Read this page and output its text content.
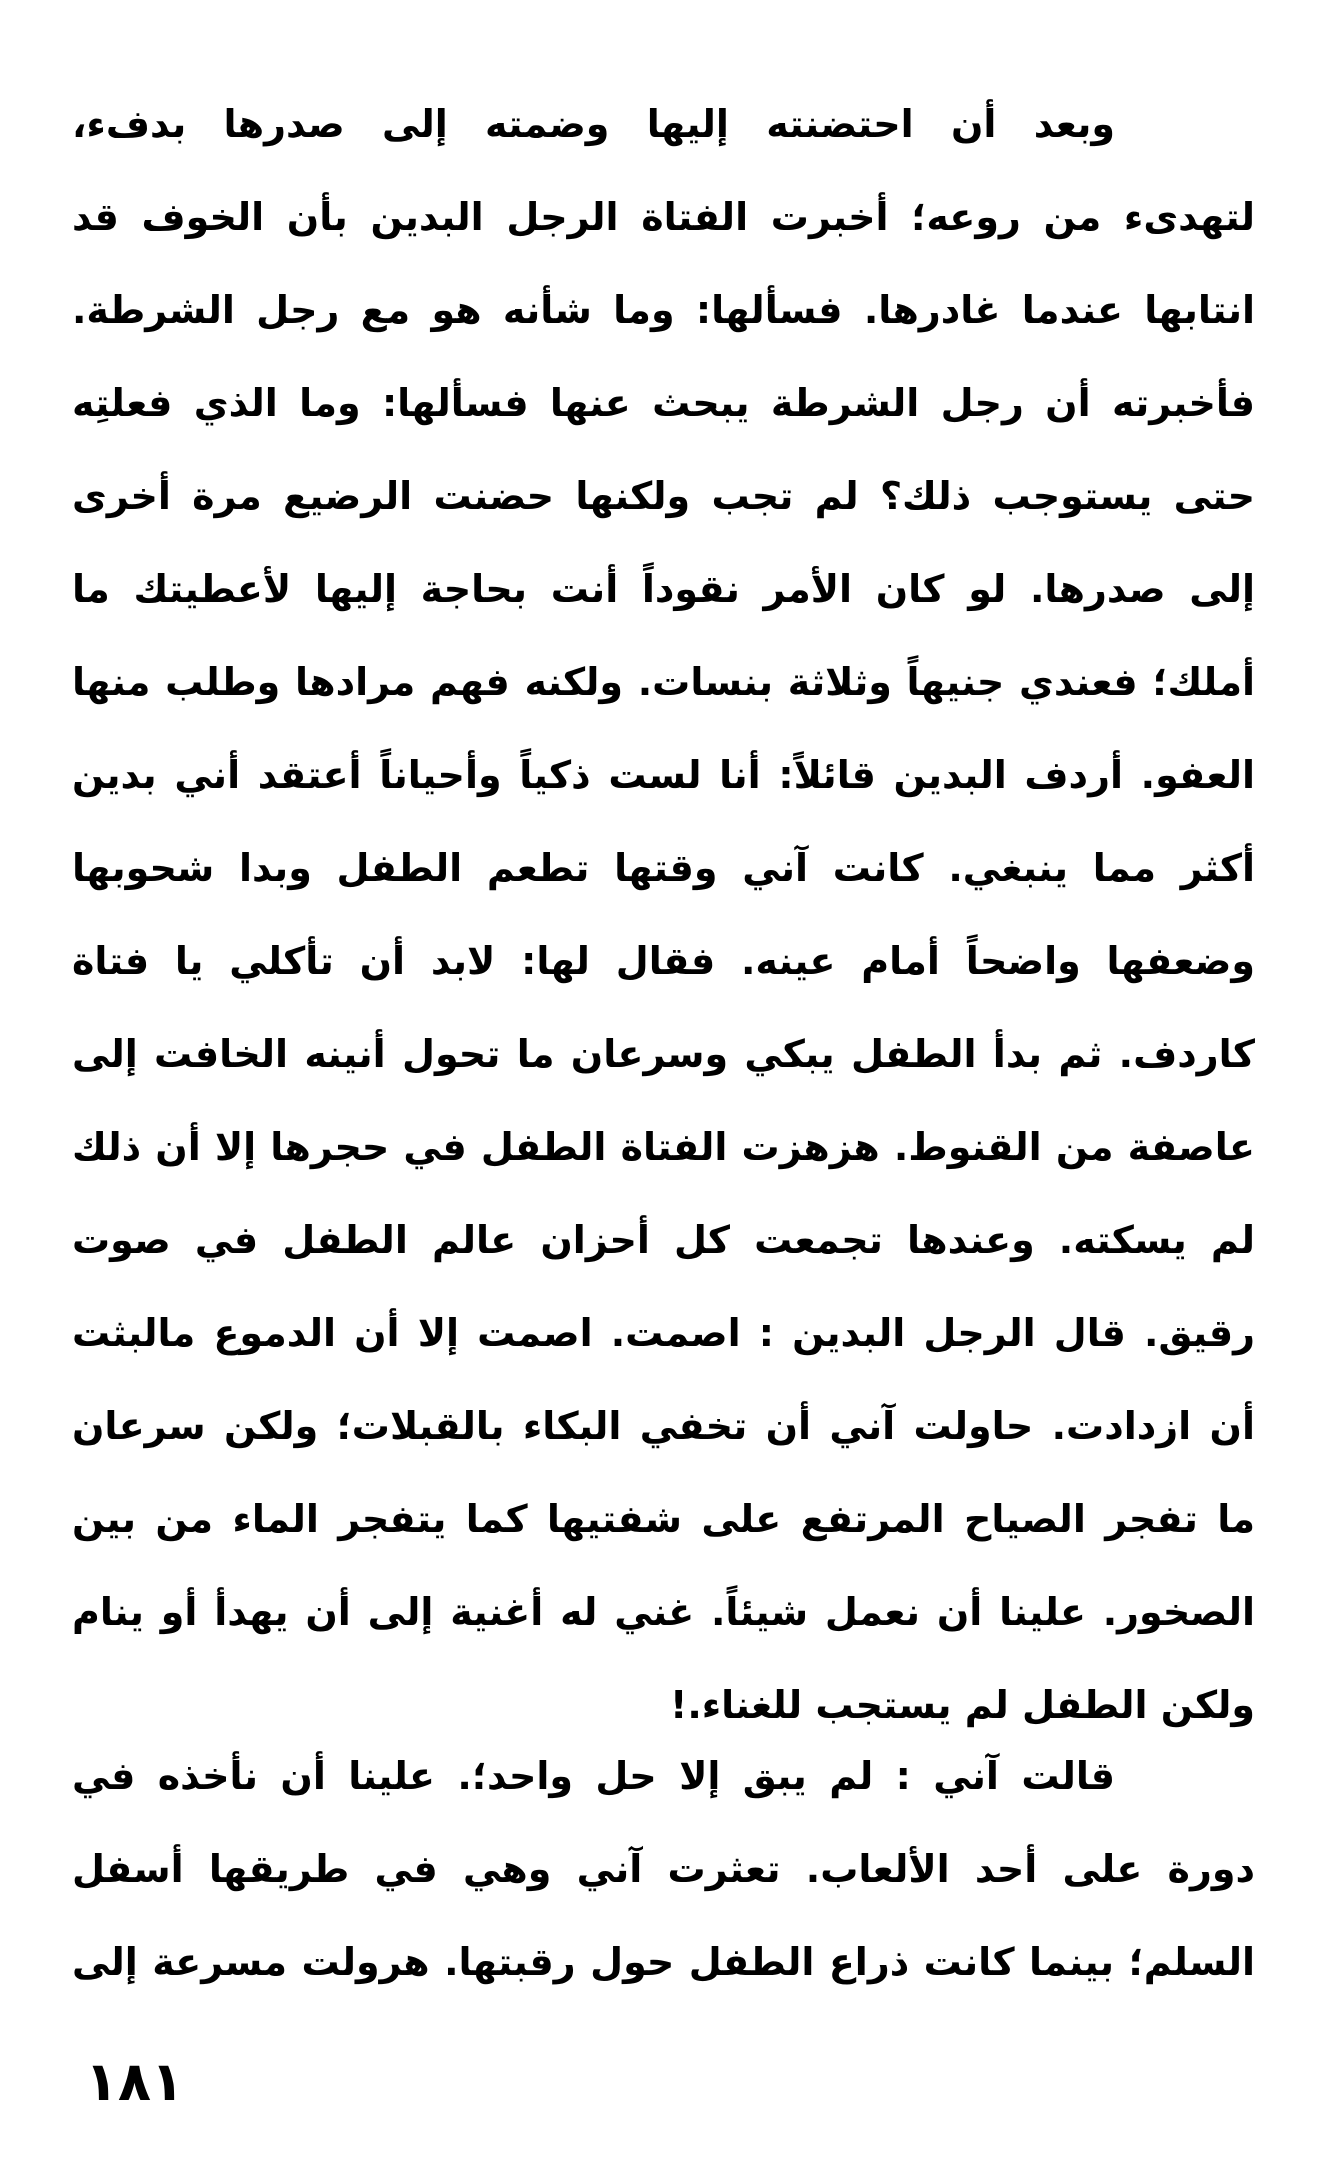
وبعد أن احتضنته إليها وضمته إلى صدرها بدفء،
لتهدىء من روعه؛ أخبرت الفتاة الرجل البدين بأن الخوف قد
انتابها عندما غادرها. فسألها: وما شأنه هو مع رجل الشرطة.
فأخبرته أن رجل الشرطة يبحث عنها فسألها: وما الذي فعلتِه
حتى يستوجب ذلك؟ لم تجب ولكنها حضنت الرضيع مرة أخرى
إلى صدرها. لو كان الأمر نقوداً أنت بحاجة إليها لأعطيتك ما
أملك؛ فعندي جنيهاً وثلاثة بنسات. ولكنه فهم مرادها وطلب منها
العفو. أردف البدين قائلاً: أنا لست ذكياً وأحياناً أعتقد أني بدين
أكثر مما ينبغي. كانت آني وقتها تطعم الطفل وبدا شحوبها
وضعفها واضحاً أمام عينه. فقال لها: لابد أن تأكلي يا فتاة
كاردف. ثم بدأ الطفل يبكي وسرعان ما تحول أنينه الخافت إلى
عاصفة من القنوط. هزهزت الفتاة الطفل في حجرها إلا أن ذلك
لم يسكته. وعندها تجمعت كل أحزان عالم الطفل في صوت
رقيق. قال الرجل البدين : اصمت. اصمت إلا أن الدموع مالبثت
أن ازدادت. حاولت آني أن تخفي البكاء بالقبلات؛ ولكن سرعان
ما تفجر الصياح المرتفع على شفتيها كما يتفجر الماء من بين
الصخور. علينا أن نعمل شيئاً. غني له أغنية إلى أن يهدأ أو ينام
ولكن الطفل لم يستجب للغناء.!
قالت آني : لم يبق إلا حل واحد؛. علينا أن نأخذه في
دورة على أحد الألعاب. تعثرت آني وهي في طريقها أسفل
السلم؛ بينما كانت ذراع الطفل حول رقبتها. هرولت مسرعة إلى
١٨١
